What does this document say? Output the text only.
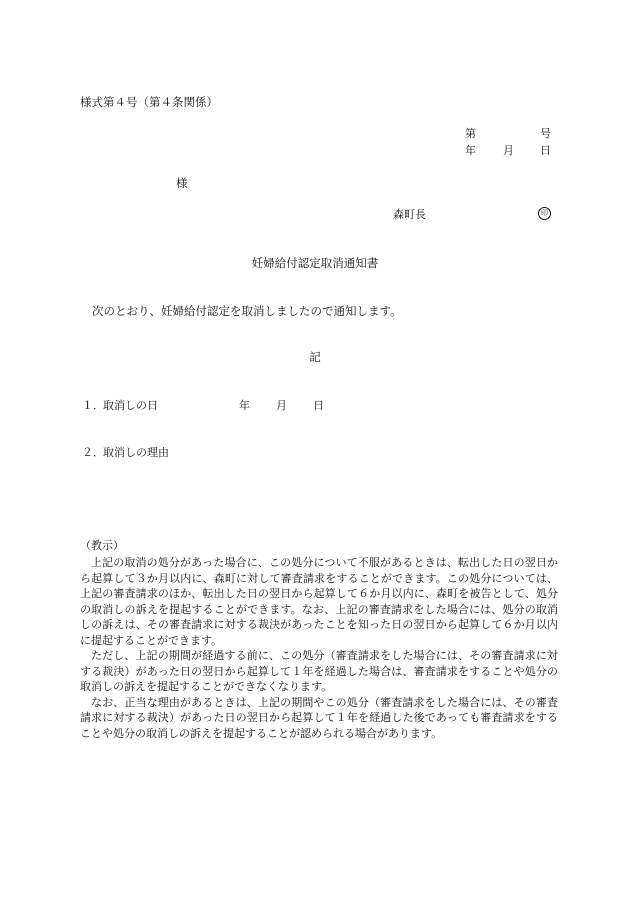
様式第４号（第４条関係）
第	号
年 月 日
様
森町長	印
妊婦給付認定取消通知書
次のとおり、妊婦給付認定を取消しましたので通知します。
記
１． 取消しの日	年 月 日
２． 取消しの理由
（教示）

上記の取消の処分があった場合に、この処分について不服があるときは、転出した日の翌日から起算して３か月以内に、森町に対して審査請求をすることができます。この処分については、上記の審査請求のほか、転出した日の翌日から起算して６か月以内に、森町を被告として、処分の取消しの訴えを提起することができます。なお、上記の審査請求をした場合には、処分の取消しの訴えは、その審査請求に対する裁決があったことを知った日の翌日から起算して６か月以内に提起することができます。

ただし、上記の期間が経過する前に、この処分（審査請求をした場合には、その審査請求に対する裁決）があった日の翌日から起算して１年を経過した場合は、審査請求をすることや処分の取消しの訴えを提起することができなくなります。

なお、正当な理由があるときは、上記の期間やこの処分（審査請求をした場合には、その審査請求に対する裁決）があった日の翌日から起算して１年を経過した後であっても審査請求をすることや処分の取消しの訴えを提起することが認められる場合があります。
